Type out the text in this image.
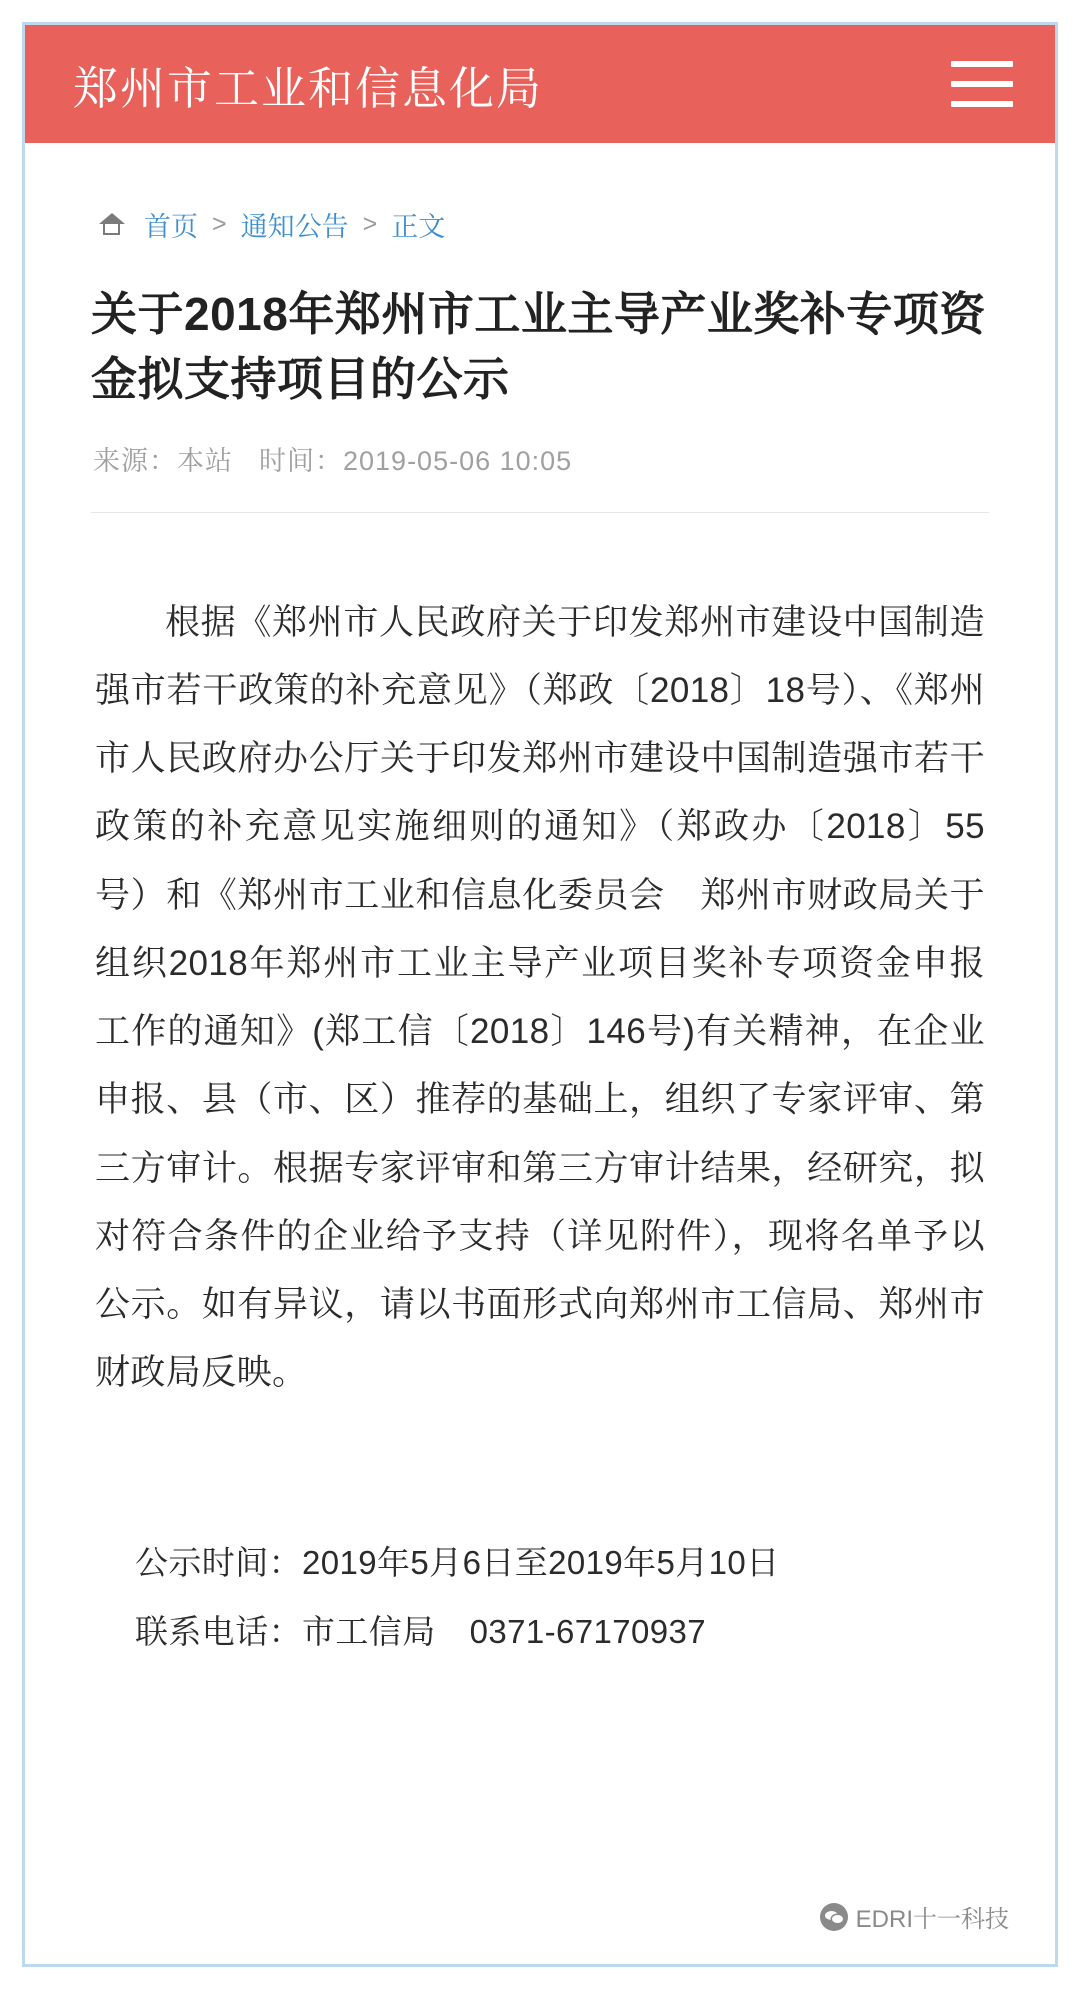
郑州市工业和信息化局
首页 > 通知公告 > 正文
关于2018年郑州市工业主导产业奖补专项资金拟支持项目的公示
来源：本站 时间：2019-05-06 10:05

根据《郑州市人民政府关于印发郑州市建设中国制造强市若干政策的补充意见》（郑政〔2018〕18号）、《郑州市人民政府办公厅关于印发郑州市建设中国制造强市若干政策的补充意见实施细则的通知》（郑政办〔2018〕55号）和《郑州市工业和信息化委员会　郑州市财政局关于组织2018年郑州市工业主导产业项目奖补专项资金申报工作的通知》(郑工信〔2018〕146号)有关精神，在企业申报、县（市、区）推荐的基础上，组织了专家评审、第三方审计。根据专家评审和第三方审计结果，经研究，拟对符合条件的企业给予支持（详见附件），现将名单予以公示。如有异议，请以书面形式向郑州市工信局、郑州市财政局反映。

公示时间：2019年5月6日至2019年5月10日
联系电话：市工信局 0371-67170937
EDRI十一科技
